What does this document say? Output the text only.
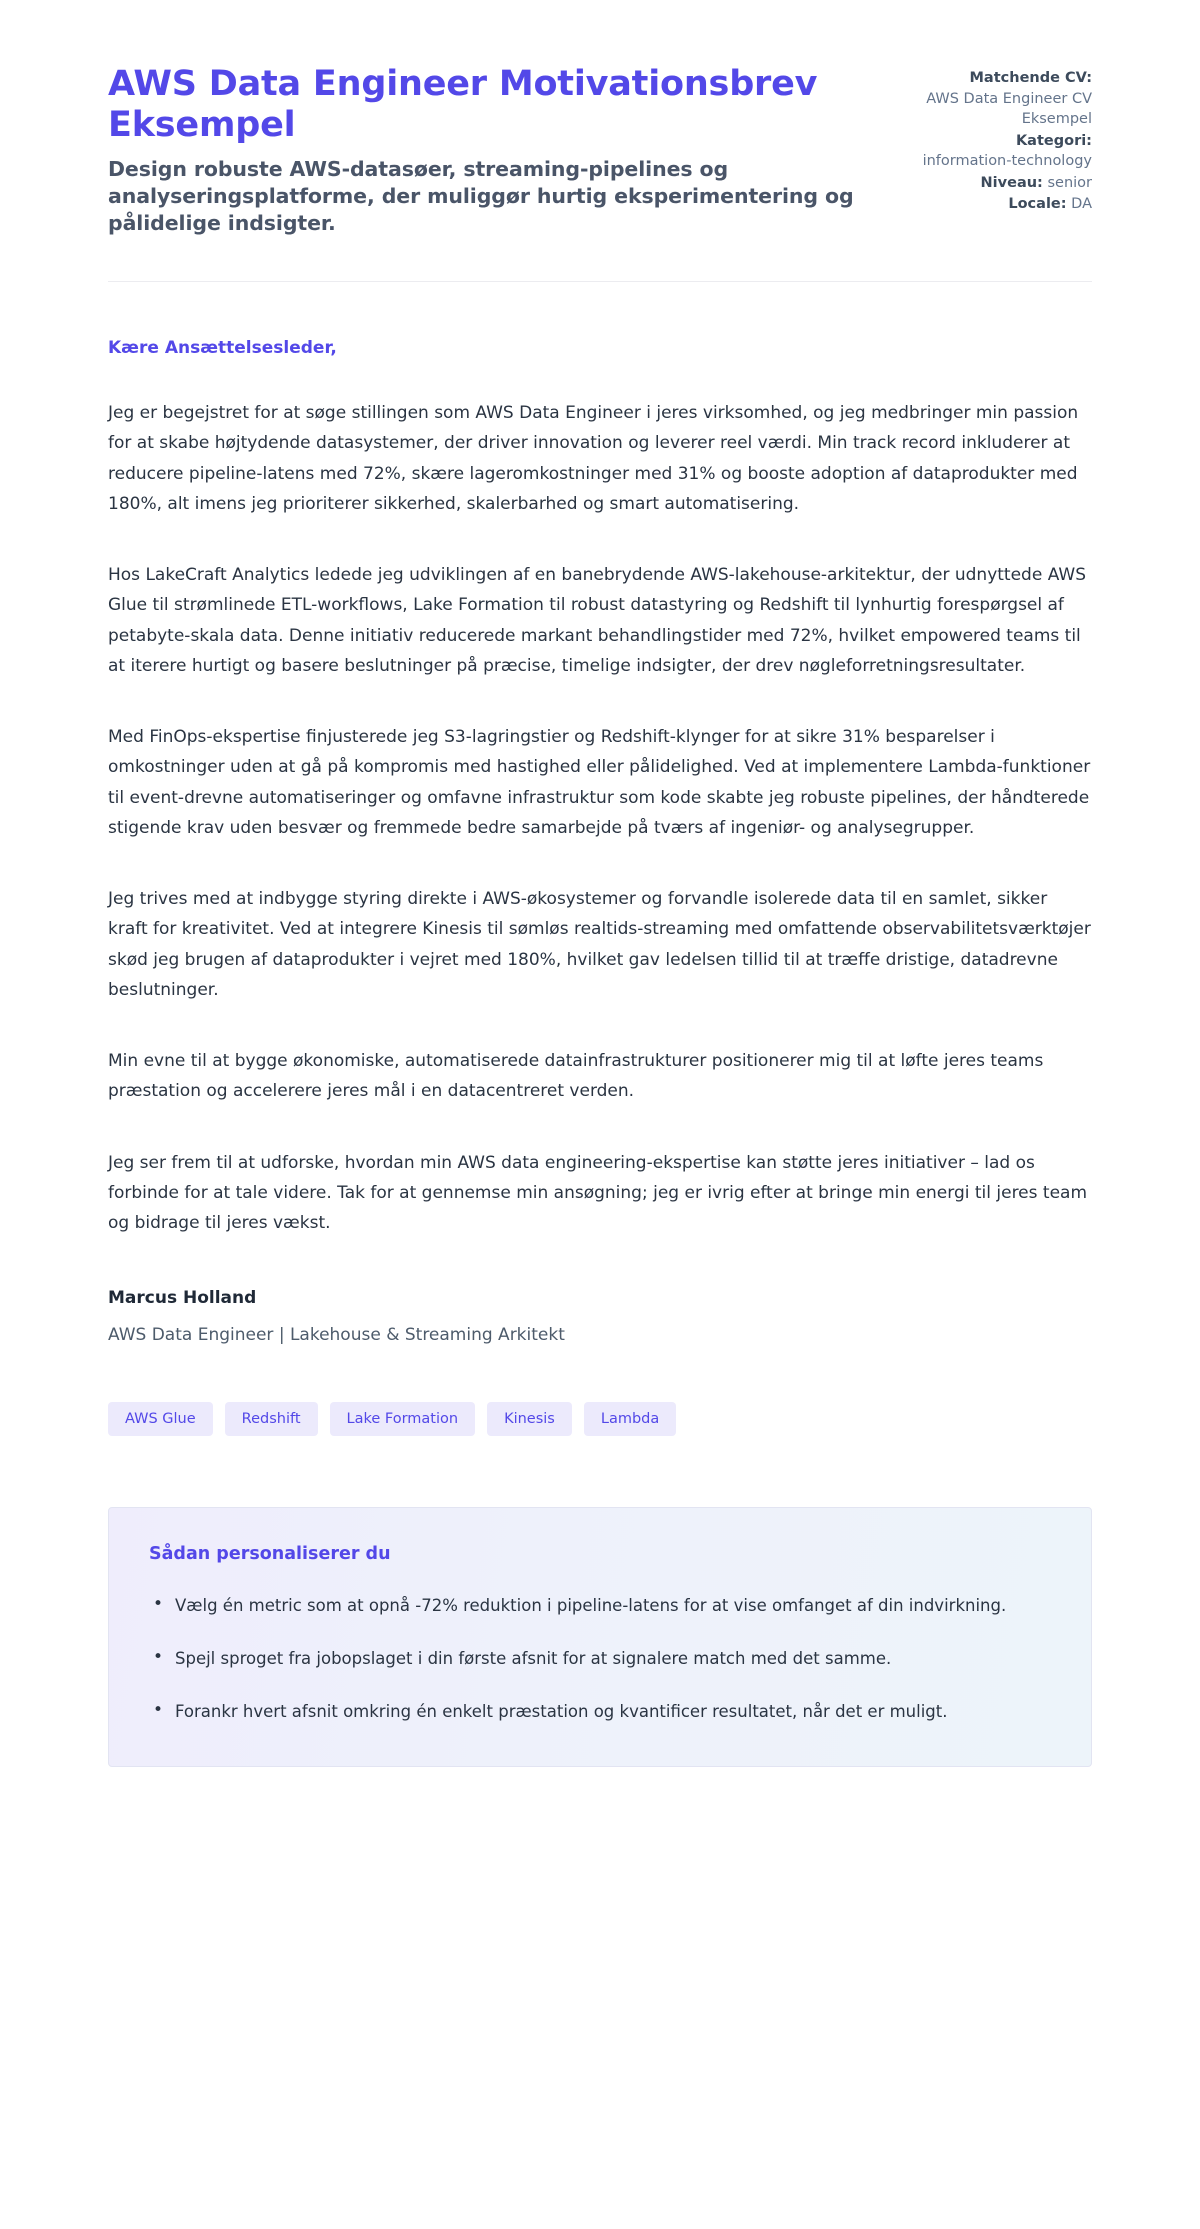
AWS Data Engineer Motivationsbrev Eksempel
Design robuste AWS-datasøer, streaming-pipelines og analyseringsplatforme, der muliggør hurtig eksperimentering og pålidelige indsigter.
Matchende CV:
AWS Data Engineer CV Eksempel
Kategori:
information-technology
Niveau: senior
Locale: DA
Kære Ansættelsesleder,

Jeg er begejstret for at søge stillingen som AWS Data Engineer i jeres virksomhed, og jeg medbringer min passion for at skabe højtydende datasystemer, der driver innovation og leverer reel værdi. Min track record inkluderer at reducere pipeline-latens med 72%, skære lageromkostninger med 31% og booste adoption af dataprodukter med 180%, alt imens jeg prioriterer sikkerhed, skalerbarhed og smart automatisering.

Hos LakeCraft Analytics ledede jeg udviklingen af en banebrydende AWS-lakehouse-arkitektur, der udnyttede AWS Glue til strømlinede ETL-workflows, Lake Formation til robust datastyring og Redshift til lynhurtig forespørgsel af petabyte-skala data. Denne initiativ reducerede markant behandlingstider med 72%, hvilket empowered teams til at iterere hurtigt og basere beslutninger på præcise, timelige indsigter, der drev nøgleforretningsresultater.

Med FinOps-ekspertise finjusterede jeg S3-lagringstier og Redshift-klynger for at sikre 31% besparelser i omkostninger uden at gå på kompromis med hastighed eller pålidelighed. Ved at implementere Lambda-funktioner til event-drevne automatiseringer og omfavne infrastruktur som kode skabte jeg robuste pipelines, der håndterede stigende krav uden besvær og fremmede bedre samarbejde på tværs af ingeniør- og analysegrupper.

Jeg trives med at indbygge styring direkte i AWS-økosystemer og forvandle isolerede data til en samlet, sikker kraft for kreativitet. Ved at integrere Kinesis til sømløs realtids-streaming med omfattende observabilitetsværktøjer skød jeg brugen af dataprodukter i vejret med 180%, hvilket gav ledelsen tillid til at træffe dristige, datadrevne beslutninger.

Min evne til at bygge økonomiske, automatiserede datainfrastrukturer positionerer mig til at løfte jeres teams præstation og accelerere jeres mål i en datacentreret verden.

Jeg ser frem til at udforske, hvordan min AWS data engineering-ekspertise kan støtte jeres initiativer – lad os forbinde for at tale videre. Tak for at gennemse min ansøgning; jeg er ivrig efter at bringe min energi til jeres team og bidrage til jeres vækst.

Marcus Holland
AWS Data Engineer | Lakehouse & Streaming Arkitekt
AWS Glue	Redshift	Lake Formation	Kinesis	Lambda
Sådan personaliserer du
• Vælg én metric som at opnå -72% reduktion i pipeline-latens for at vise omfanget af din indvirkning.
• Spejl sproget fra jobopslaget i din første afsnit for at signalere match med det samme.
• Forankr hvert afsnit omkring én enkelt præstation og kvantificer resultatet, når det er muligt.
